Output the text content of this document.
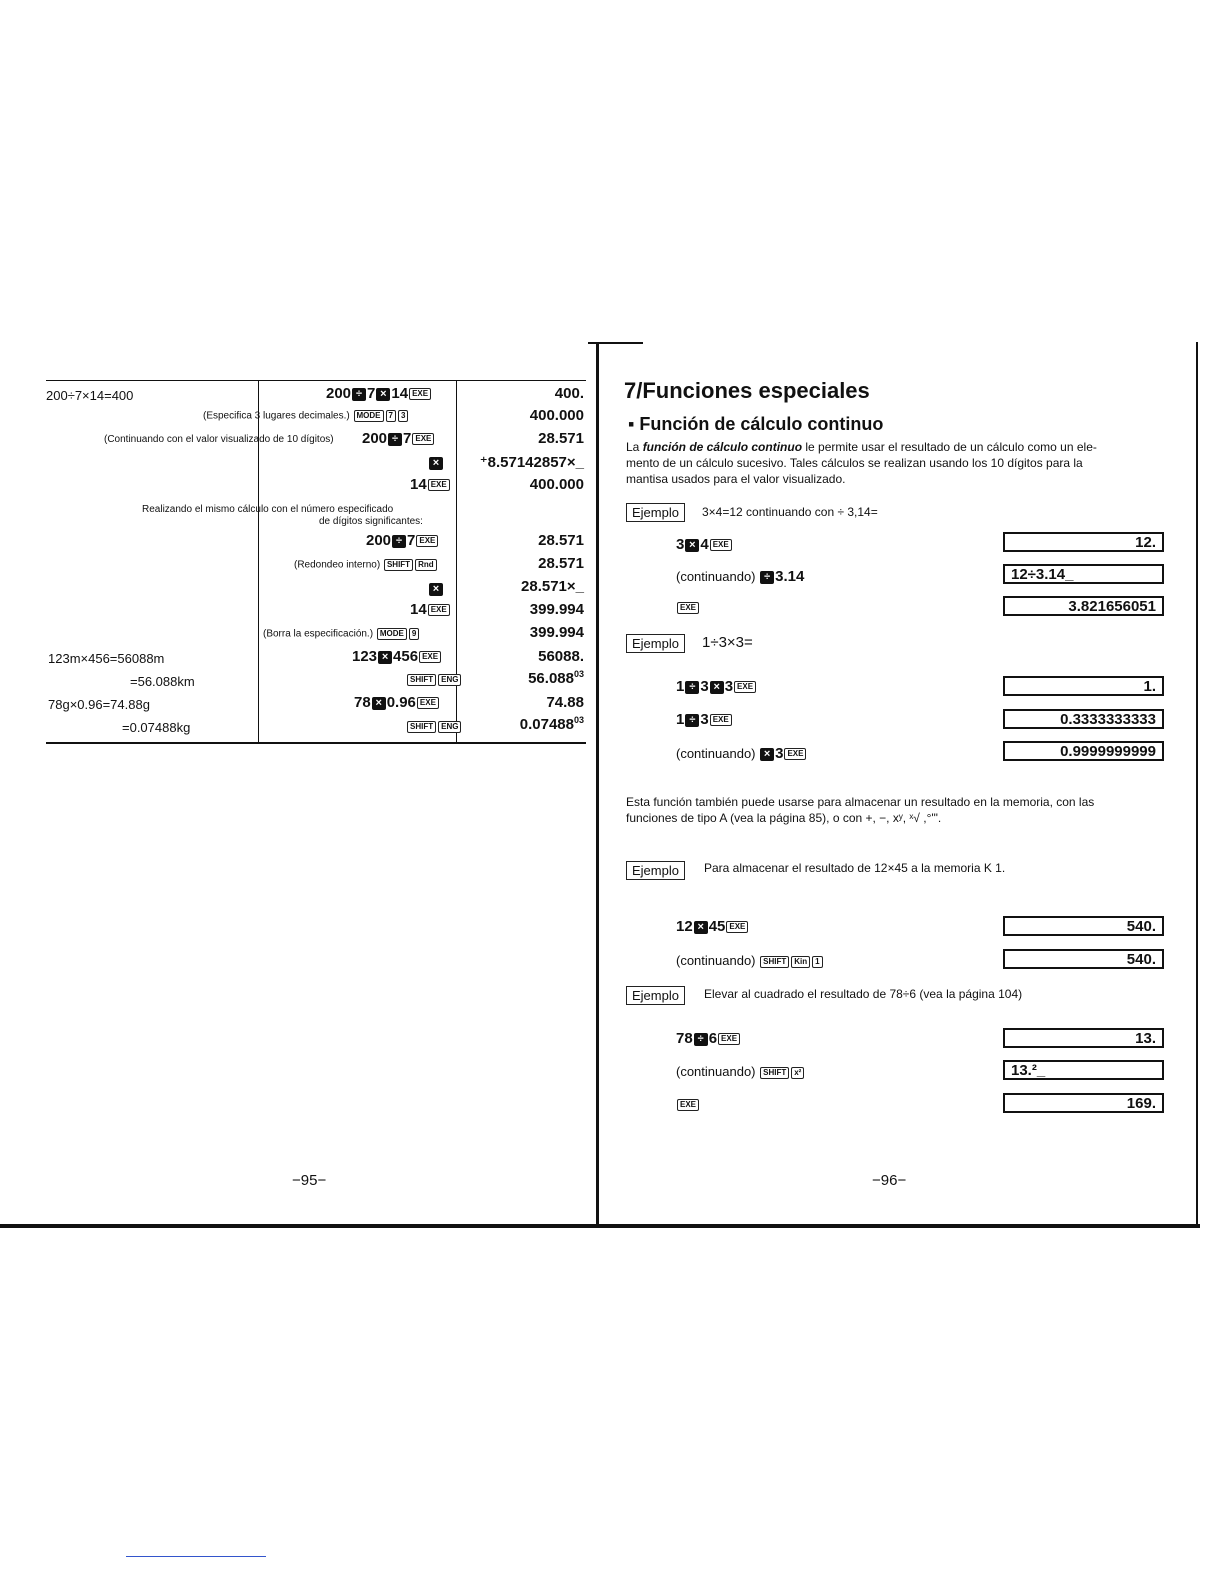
200÷7×14=400	200 ÷ 7 × 14 EXE	400.
(Especifica 3 lugares decimales.) MODE 7 3	400.000
(Continuando con el valor visualizado de 10 dígitos) 200 ÷ 7 EXE	28.571
×	⁺8.57142857×_
14 EXE	400.000
Realizando el mismo cálculo con el número especificado
de dígitos significantes:
200 ÷ 7 EXE	28.571
(Redondeo interno) SHIFT Rnd	28.571
×	28.571×_
14 EXE	399.994
(Borra la especificación.) MODE 9	399.994
123m×456=56088m	123 × 456 EXE	56088.
=56.088km	SHIFT ENG	56.088$^{03}$
78g×0.96=74.88g	78 × 0.96 EXE	74.88
=0.07488kg	SHIFT ENG	$0.07488^{03}$
−95−
7/Funciones especiales
▪ Función de cálculo continuo
La función de cálculo continuo le permite usar el resultado de un cálculo como un ele-
mento de un cálculo sucesivo. Tales cálculos se realizan usando los 10 dígitos para la
mantisa usados para el valor visualizado.
Ejemplo	3×4=12 continuando con ÷ 3,14=
3 × 4 EXE	12.
(continuando) ÷ 3.14	12÷3.14_
EXE	3.821656051
Ejemplo	1÷3×3=
1 ÷ 3 × 3 EXE	1.
1 ÷ 3 EXE	0.3333333333
(continuando) × 3 EXE	0.9999999999
Esta función también puede usarse para almacenar un resultado en la memoria, con las
funciones de tipo A (vea la página 85), o con +, −, xʸ, ˣ√ ,°'".
Ejemplo	Para almacenar el resultado de 12×45 a la memoria K 1.
12 × 45 EXE	540.
(continuando) SHIFT Kin 1	540.
Ejemplo	Elevar al cuadrado el resultado de 78÷6 (vea la página 104)
78 ÷ 6 EXE	13.
(continuando) SHIFT x²	13.²_
EXE	169.
−96−
